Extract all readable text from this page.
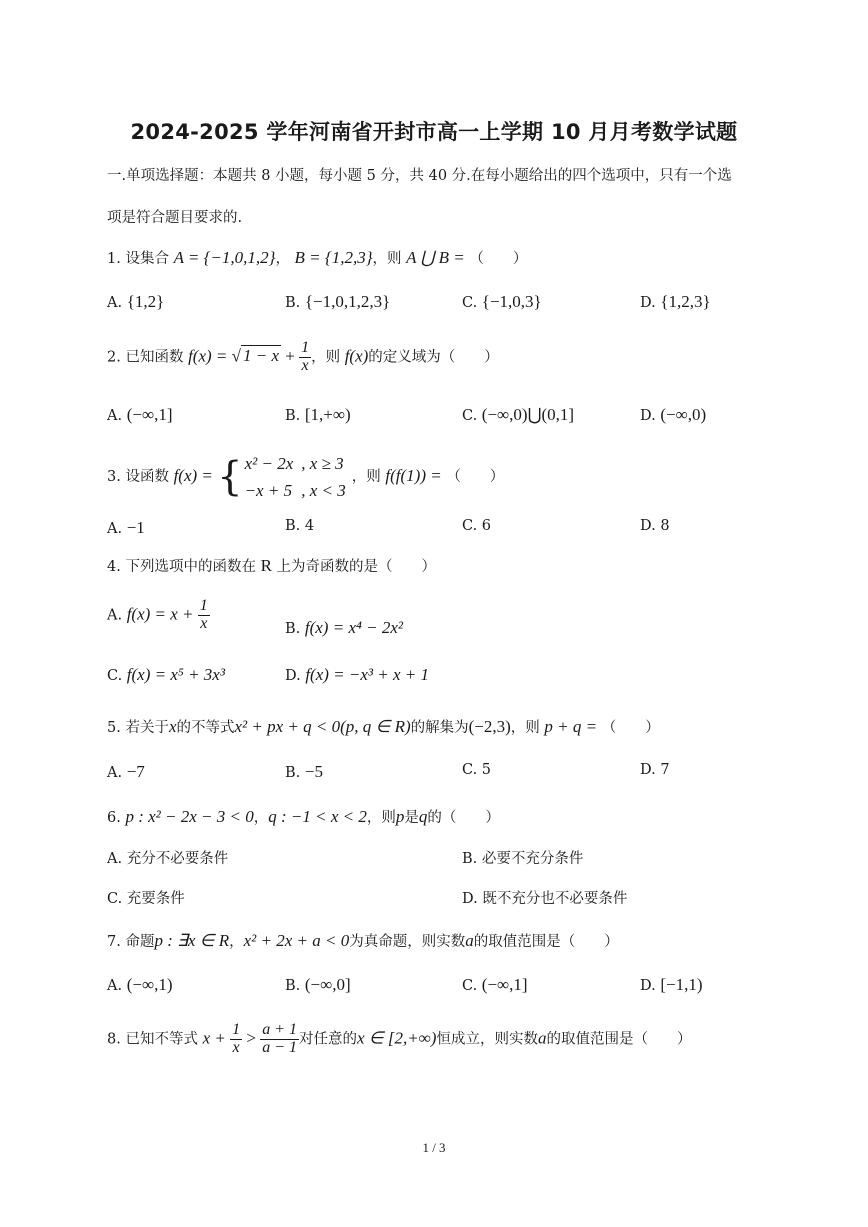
2024-2025 学年河南省开封市高一上学期 10 月月考数学试题
一.单项选择题：本题共 8 小题，每小题 5 分，共 40 分.在每小题给出的四个选项中，只有一个选
项是符合题目要求的.
1. 设集合 A = {−1,0,1,2}， B = {1,2,3}，则 A ⋃ B = （　　）
A. {1,2}	B. {−1,0,1,2,3}	C. {−1,0,3}	D. {1,2,3}
2. 已知函数 f(x) = √ $1 - x + \frac{1}{x}$ ，则 f(x)的定义域为（　　）
A. (−∞,1]	B. [1,+∞)	C. (−∞,0)⋃(0,1]	D. (−∞,0)
3. 设函数 f(x) = { x² − 2x	, x ≥ 3
−x + 5	, x < 3，则 f(f(1)) = （　　）
A. −1	B. 4	C. 6	D. 8
4. 下列选项中的函数在 R 上为奇函数的是（　　）
A. $f(x) = x + \frac{1}{x}$	B. f(x) = x⁴ − 2x²
C. f(x) = x⁵ + 3x³	D. f(x) = −x³ + x + 1
5. 若关于x的不等式x² + px + q < 0(p, q ∈ R)的解集为(−2,3)，则 p + q = （　　）
A. −7	B. −5	C. 5	D. 7
6. p : x² − 2x − 3 < 0，q : −1 < x < 2，则p是q的（　　）
A. 充分不必要条件	B. 必要不充分条件
C. 充要条件	D. 既不充分也不必要条件
7. 命题p : ∃x ∈ R，x² + 2x + a < 0为真命题，则实数a的取值范围是（　　）
A. (−∞,1)	B. (−∞,0]	C. (−∞,1]	D. [−1,1)
8. 已知不等式 $x + \frac{1}{x} > \frac{a + 1}{a - 1}$ 对任意的x ∈ [2,+∞)恒成立，则实数a的取值范围是（　　）
1 / 3
